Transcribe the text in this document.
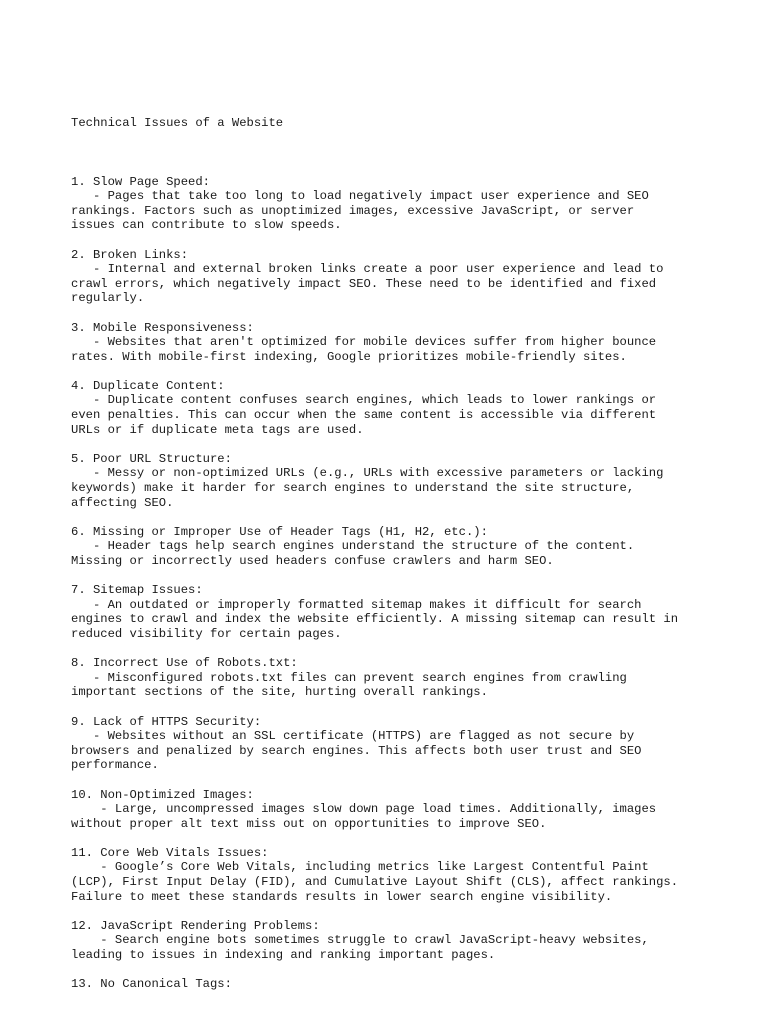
Technical Issues of a Website

1. Slow Page Speed:
- Pages that take too long to load negatively impact user experience and SEO
rankings. Factors such as unoptimized images, excessive JavaScript, or server
issues can contribute to slow speeds.
2. Broken Links:
- Internal and external broken links create a poor user experience and lead to
crawl errors, which negatively impact SEO. These need to be identified and fixed
regularly.
3. Mobile Responsiveness:
- Websites that aren't optimized for mobile devices suffer from higher bounce
rates. With mobile-first indexing, Google prioritizes mobile-friendly sites.
4. Duplicate Content:
- Duplicate content confuses search engines, which leads to lower rankings or
even penalties. This can occur when the same content is accessible via different
URLs or if duplicate meta tags are used.
5. Poor URL Structure:
- Messy or non-optimized URLs (e.g., URLs with excessive parameters or lacking
keywords) make it harder for search engines to understand the site structure,
affecting SEO.
6. Missing or Improper Use of Header Tags (H1, H2, etc.):
- Header tags help search engines understand the structure of the content.
Missing or incorrectly used headers confuse crawlers and harm SEO.
7. Sitemap Issues:
- An outdated or improperly formatted sitemap makes it difficult for search
engines to crawl and index the website efficiently. A missing sitemap can result in
reduced visibility for certain pages.
8. Incorrect Use of Robots.txt:
- Misconfigured robots.txt files can prevent search engines from crawling
important sections of the site, hurting overall rankings.
9. Lack of HTTPS Security:
- Websites without an SSL certificate (HTTPS) are flagged as not secure by
browsers and penalized by search engines. This affects both user trust and SEO
performance.
10. Non-Optimized Images:
- Large, uncompressed images slow down page load times. Additionally, images
without proper alt text miss out on opportunities to improve SEO.
11. Core Web Vitals Issues:
- Google’s Core Web Vitals, including metrics like Largest Contentful Paint
(LCP), First Input Delay (FID), and Cumulative Layout Shift (CLS), affect rankings.
Failure to meet these standards results in lower search engine visibility.
12. JavaScript Rendering Problems:
- Search engine bots sometimes struggle to crawl JavaScript-heavy websites,
leading to issues in indexing and ranking important pages.
13. No Canonical Tags:
